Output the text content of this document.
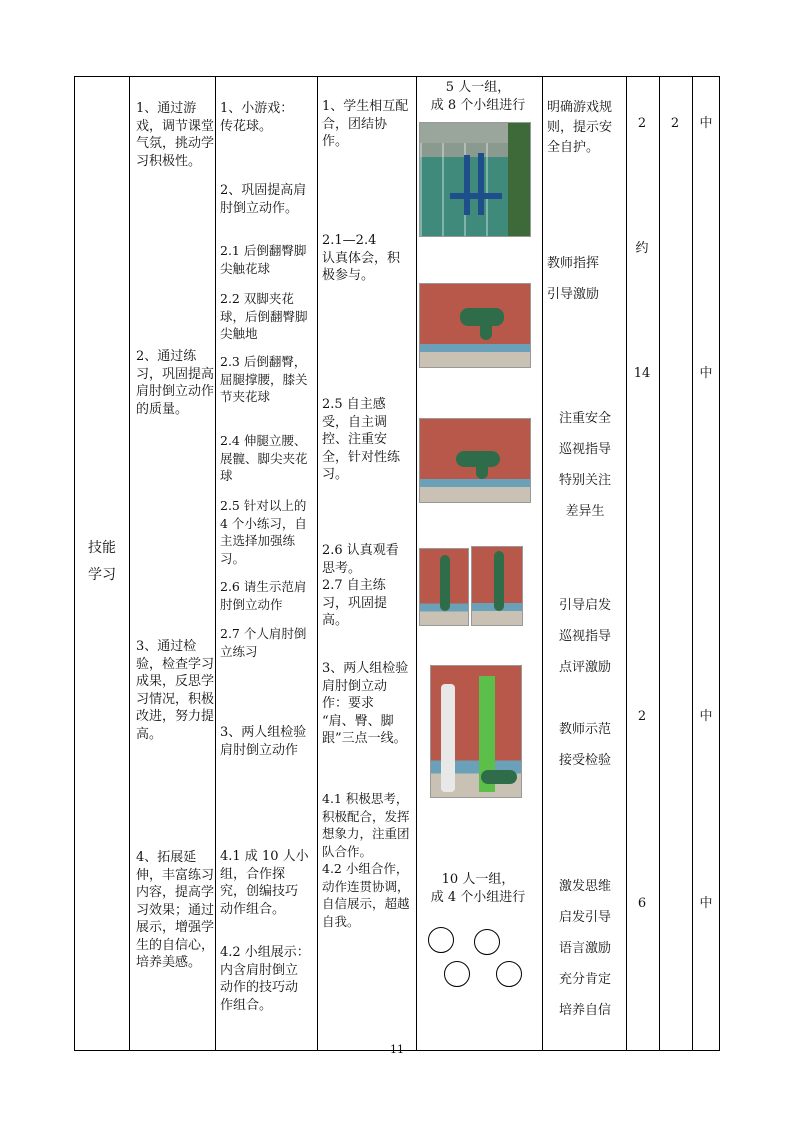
技能
学习
1、通过游戏，调节课堂气氛，挑动学习积极性。
2、通过练习，巩固提高肩肘倒立动作的质量。
3、通过检验，检查学习成果，反思学习情况，积极改进，努力提高。
4、拓展延伸，丰富练习内容，提高学习效果；通过展示，增强学生的自信心，培养美感。
1、小游戏：
传花球。
2、巩固提高肩肘倒立动作。
2.1 后倒翻臀脚尖触花球
2.2 双脚夹花球，后倒翻臀脚尖触地
2.3 后倒翻臀，屈腿撑腰，膝关节夹花球
2.4 伸腿立腰、展髋、脚尖夹花球
2.5 针对以上的 4 个小练习，自主选择加强练习。
2.6 请生示范肩肘倒立动作
2.7 个人肩肘倒立练习
3、两人组检验肩肘倒立动作
4.1 成 10 人小组，合作探究，创编技巧动作组合。
4.2 小组展示：内含肩肘倒立动作的技巧动作组合。
1、学生相互配合，团结协作。
2.1—2.4
认真体会，积极参与。
2.5 自主感受，自主调控、注重安全，针对性练习。
2.6 认真观看思考。
2.7 自主练习，巩固提高。
3、两人组检验肩肘倒立动作：要求
“肩、臀、脚跟”三点一线。
4.1 积极思考，积极配合，发挥想象力，注重团队合作。
4.2 小组合作，动作连贯协调，自信展示，超越自我。
5 人一组，
成 8 个小组进行
10 人一组，
成 4 个小组进行
明确游戏规则，提示安全自护。
教师指挥
引导激励
注重安全
巡视指导
特别关注
差异生
引导启发
巡视指导
点评激励
教师示范
接受检验
激发思维
启发引导
语言激励
充分肯定
培养自信
2
约
14
2
6
2	中
中
中
中
11
